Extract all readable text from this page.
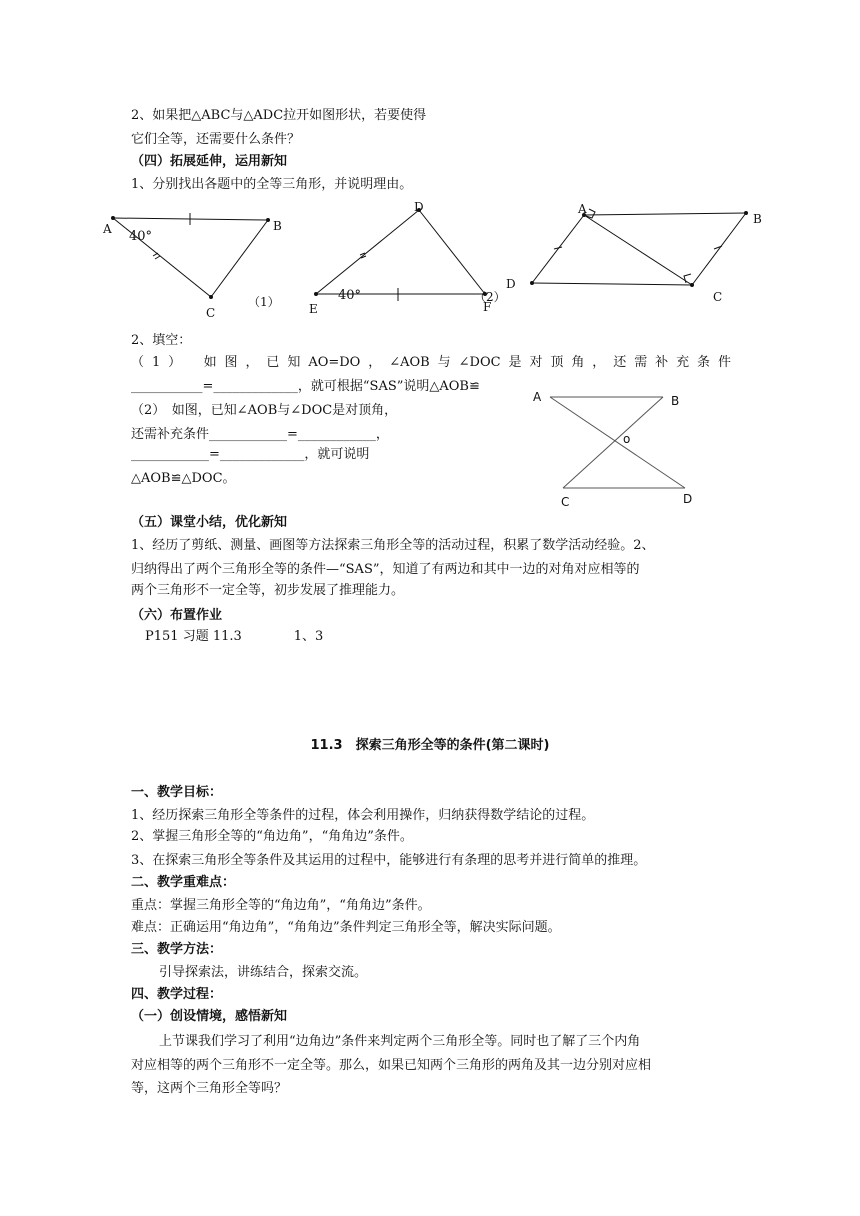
2、如果把△ABC与△ADC拉开如图形状，若要使得
它们全等，还需要什么条件？
（四）拓展延伸，运用新知
1、分别找出各题中的全等三角形，并说明理由。
A	B
C
40°
（1）
D
E	F
40°	（2）
A
B
C
D
2、填空：
（1）　如图，已知AO=DO，∠AOB与∠DOC是对顶角，还需补充条件
___________=_____________，就可根据“SAS”说明△AOB≌
（2）　如图，已知∠AOB与∠DOC是对顶角，
还需补充条件____________=____________，
____________=_____________，就可说明
△AOB≌△DOC。
A	B
o
C	D
（五）课堂小结，优化新知
1、经历了剪纸、测量、画图等方法探索三角形全等的活动过程，积累了数学活动经验。2、
归纳得出了两个三角形全等的条件—“SAS”，知道了有两边和其中一边的对角对应相等的
两个三角形不一定全等，初步发展了推理能力。
（六）布置作业
P151 习题 11.3　　　　1、3
11.3　探索三角形全等的条件(第二课时)
一、教学目标：
1、经历探索三角形全等条件的过程，体会利用操作，归纳获得数学结论的过程。
2、掌握三角形全等的“角边角”，“角角边”条件。
3、在探索三角形全等条件及其运用的过程中，能够进行有条理的思考并进行简单的推理。
二、教学重难点：
重点：掌握三角形全等的“角边角”，“角角边”条件。
难点：正确运用“角边角”，“角角边”条件判定三角形全等，解决实际问题。
三、教学方法：
引导探索法，讲练结合，探索交流。
四、教学过程：
（一）创设情境，感悟新知
上节课我们学习了利用“边角边”条件来判定两个三角形全等。同时也了解了三个内角
对应相等的两个三角形不一定全等。那么，如果已知两个三角形的两角及其一边分别对应相
等，这两个三角形全等吗？
